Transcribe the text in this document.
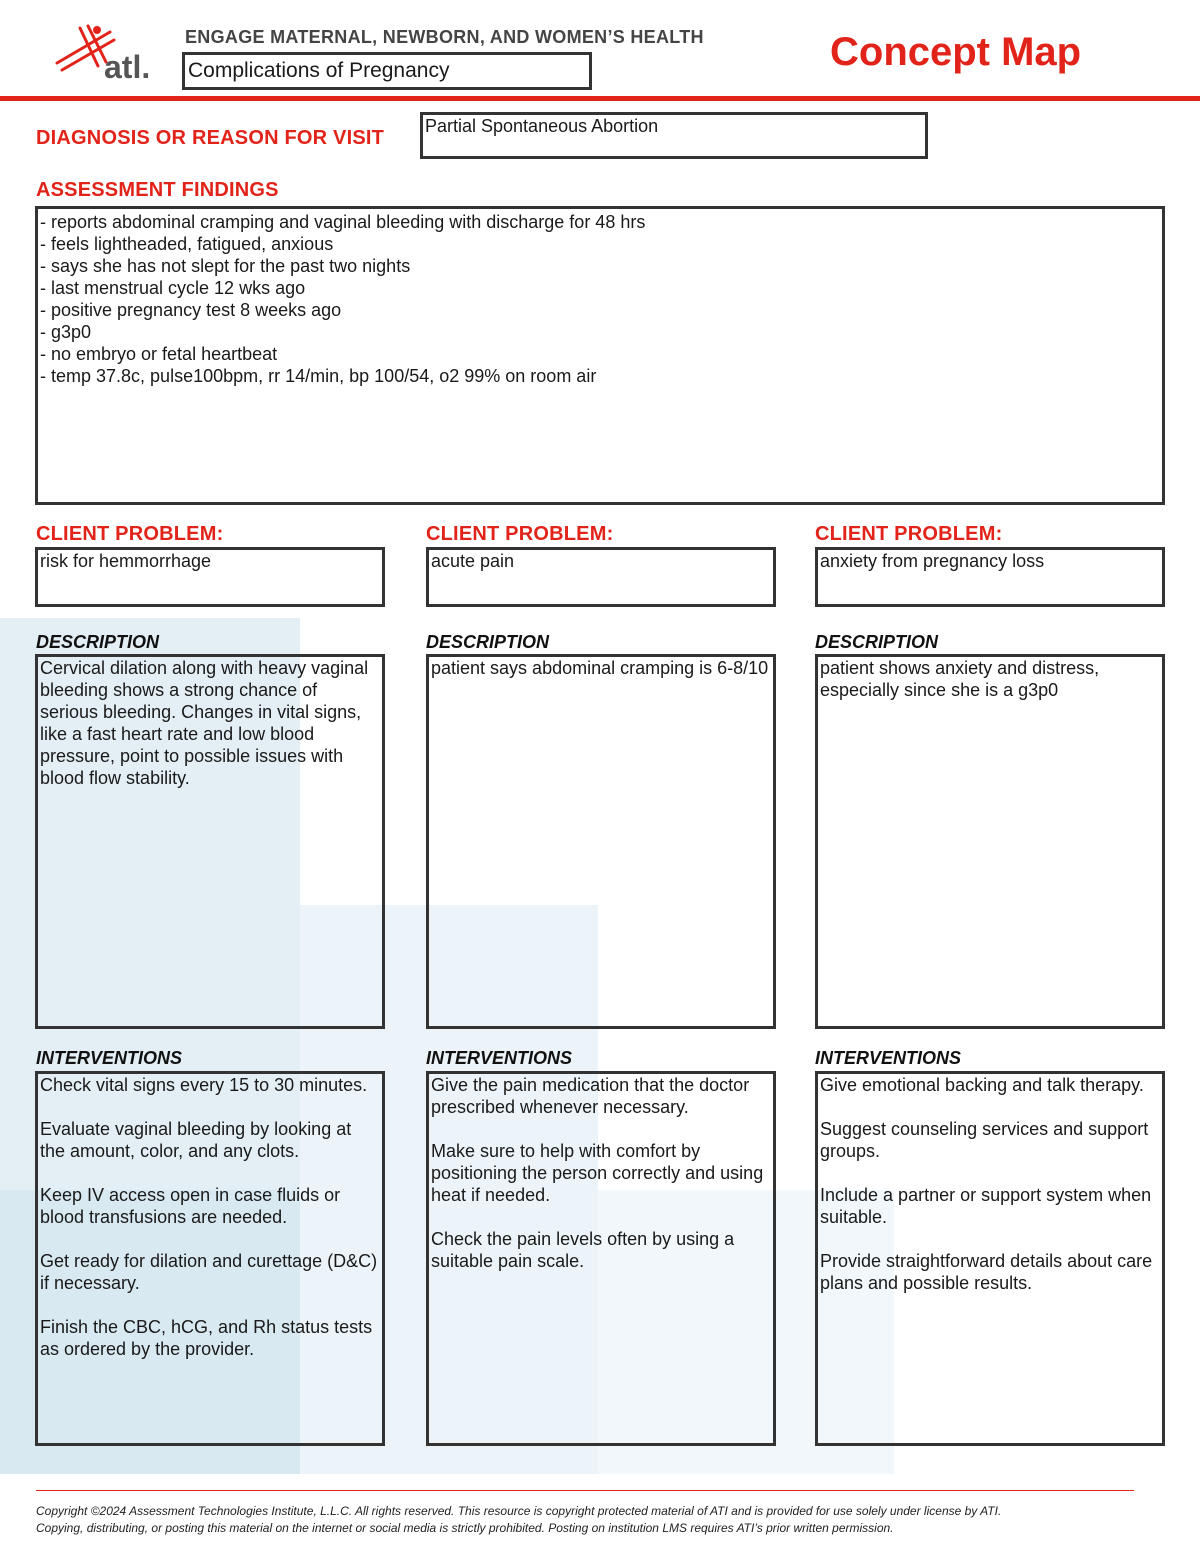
atl.
ENGAGE MATERNAL, NEWBORN, AND WOMEN’S HEALTH
Complications of Pregnancy	Concept Map
DIAGNOSIS OR REASON FOR VISIT
Partial Spontaneous Abortion
ASSESSMENT FINDINGS
- reports abdominal cramping and vaginal bleeding with discharge for 48 hrs
- feels lightheaded, fatigued, anxious
- says she has not slept for the past two nights
- last menstrual cycle 12 wks ago
- positive pregnancy test 8 weeks ago
- g3p0
- no embryo or fetal heartbeat
- temp 37.8c, pulse100bpm, rr 14/min, bp 100/54, o2 99% on room air
CLIENT PROBLEM:
risk for hemmorrhage
DESCRIPTION
Cervical dilation along with heavy vaginal bleeding shows a strong chance of serious bleeding. Changes in vital signs, like a fast heart rate and low blood pressure, point to possible issues with blood flow stability.
INTERVENTIONS
Check vital signs every 15 to 30 minutes.

Evaluate vaginal bleeding by looking at the amount, color, and any clots.

Keep IV access open in case fluids or blood transfusions are needed.

Get ready for dilation and curettage (D&C) if necessary.

Finish the CBC, hCG, and Rh status tests as ordered by the provider.
CLIENT PROBLEM:
acute pain
DESCRIPTION
patient says abdominal cramping is 6-8/10
INTERVENTIONS
Give the pain medication that the doctor prescribed whenever necessary.

Make sure to help with comfort by positioning the person correctly and using heat if needed.

Check the pain levels often by using a suitable pain scale.
CLIENT PROBLEM:
anxiety from pregnancy loss
DESCRIPTION
patient shows anxiety and distress, especially since she is a g3p0
INTERVENTIONS
Give emotional backing and talk therapy.

Suggest counseling services and support groups.

Include a partner or support system when suitable.

Provide straightforward details about care plans and possible results.
Copyright ©2024 Assessment Technologies Institute, L.L.C. All rights reserved. This resource is copyright protected material of ATI and is provided for use solely under license by ATI.
Copying, distributing, or posting this material on the internet or social media is strictly prohibited. Posting on institution LMS requires ATI’s prior written permission.
